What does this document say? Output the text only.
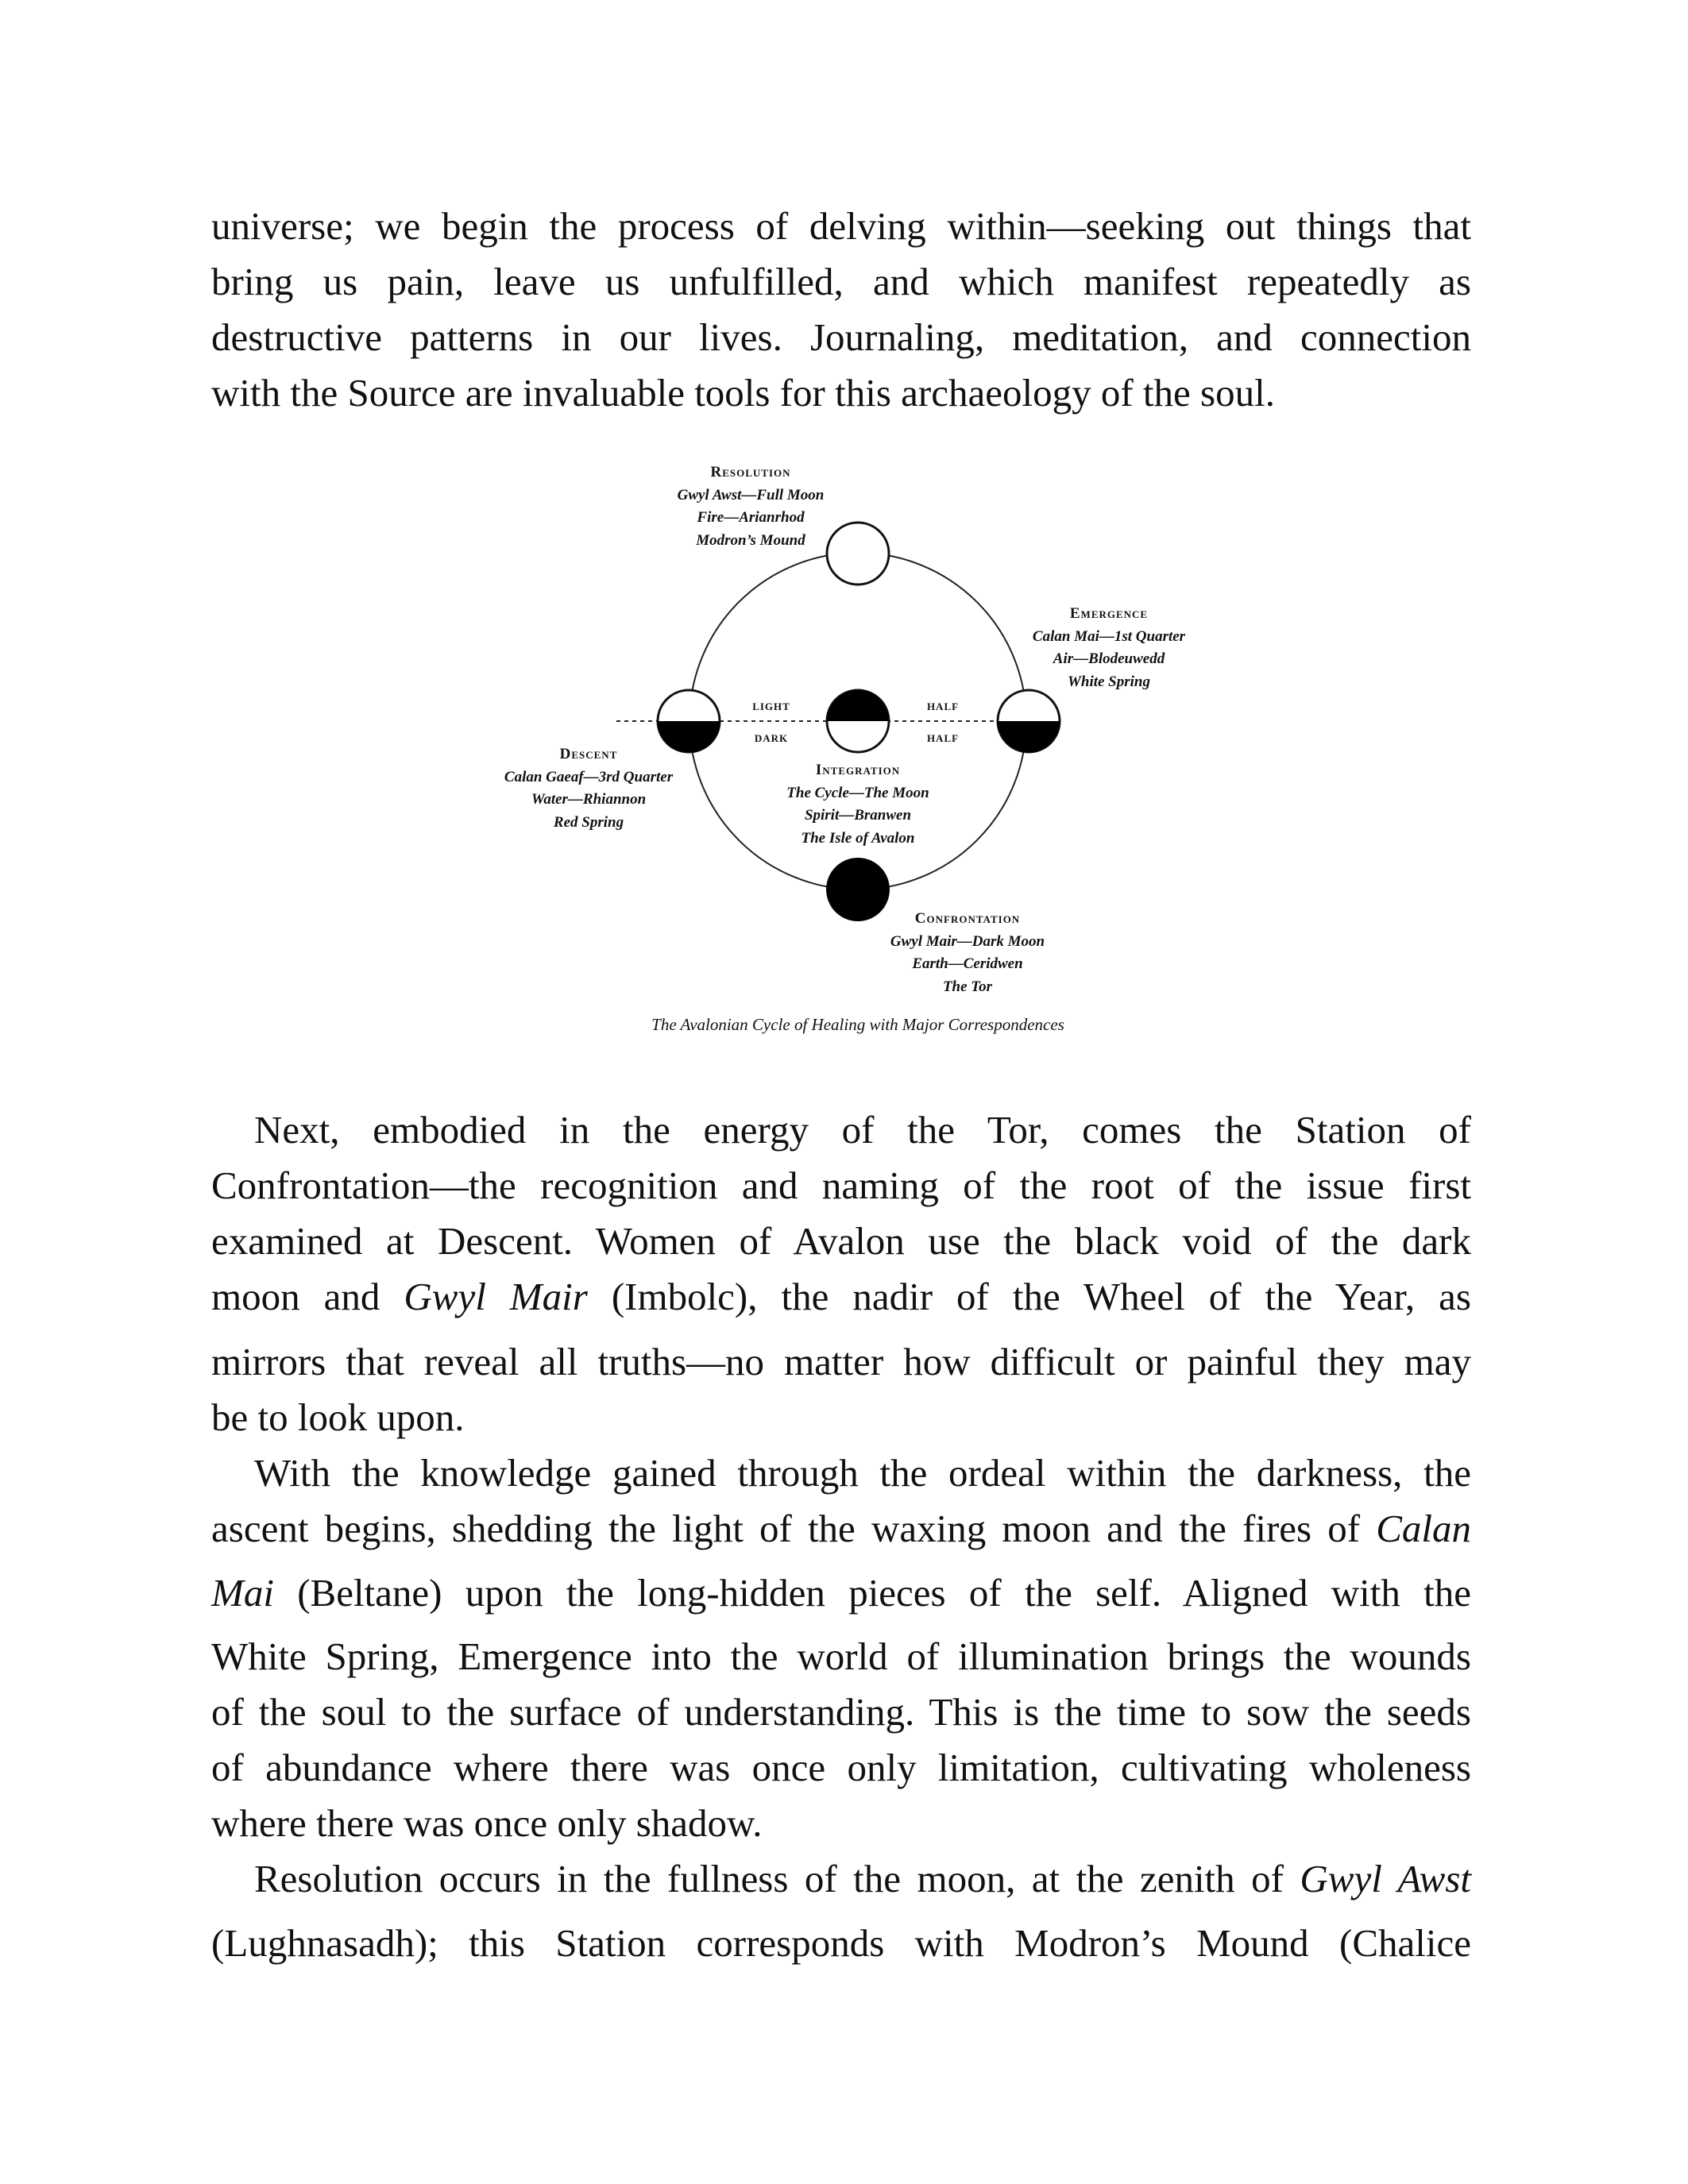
universe; we begin the process of delving within—seeking out things that
bring us pain, leave us unfulfilled, and which manifest repeatedly as
destructive patterns in our lives. Journaling, meditation, and connection
with the Source are invaluable tools for this archaeology of the soul.
Next, embodied in the energy of the Tor, comes the Station of
Confrontation—the recognition and naming of the root of the issue first
examined at Descent. Women of Avalon use the black void of the dark
moon and Gwyl Mair (Imbolc), the nadir of the Wheel of the Year, as
mirrors that reveal all truths—no matter how difficult or painful they may
be to look upon.
With the knowledge gained through the ordeal within the darkness, the
ascent begins, shedding the light of the waxing moon and the fires of Calan
Mai (Beltane) upon the long-hidden pieces of the self. Aligned with the
White Spring, Emergence into the world of illumination brings the wounds
of the soul to the surface of understanding. This is the time to sow the seeds
of abundance where there was once only limitation, cultivating wholeness
where there was once only shadow.
Resolution occurs in the fullness of the moon, at the zenith of Gwyl Awst
(Lughnasadh); this Station corresponds with Modron’s Mound (Chalice
LIGHT
DARK
HALF
HALF
Resolution
Gwyl Awst—Full Moon
Fire—Arianrhod
Modron’s Mound
Emergence
Calan Mai—1st Quarter
Air—Blodeuwedd
White Spring
Descent
Calan Gaeaf—3rd Quarter
Water—Rhiannon
Red Spring
Integration
The Cycle—The Moon
Spirit—Branwen
The Isle of Avalon
Confrontation
Gwyl Mair—Dark Moon
Earth—Ceridwen
The Tor
The Avalonian Cycle of Healing with Major Correspondences
